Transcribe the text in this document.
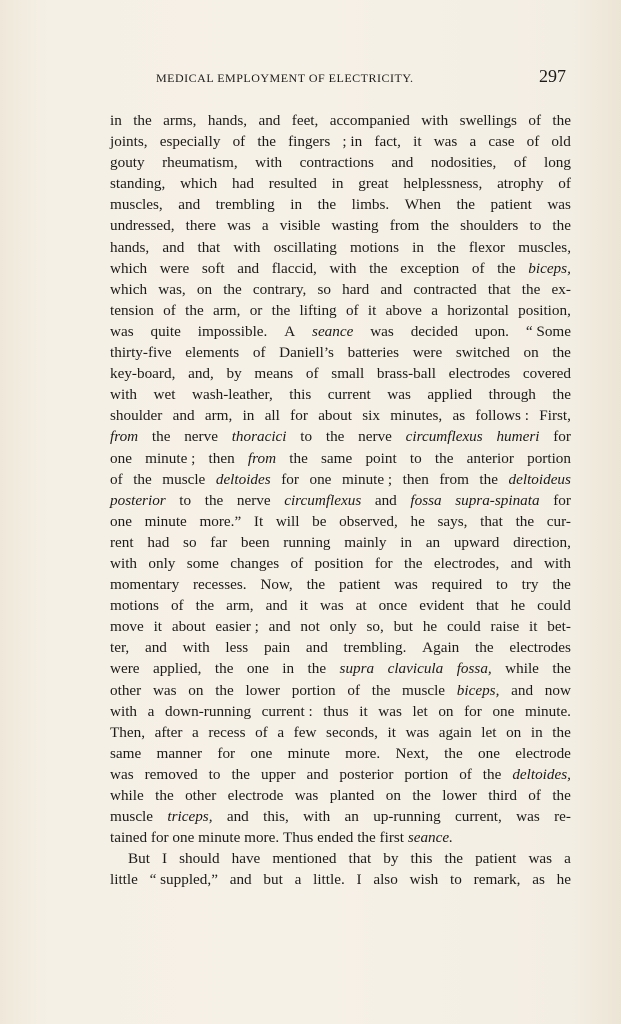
MEDICAL EMPLOYMENT OF ELECTRICITY.	297
in the arms, hands, and feet, accompanied with swellings of the
joints, especially of the fingers ; in fact, it was a case of old
gouty rheumatism, with contractions and nodosities, of long
standing, which had resulted in great helplessness, atrophy of
muscles, and trembling in the limbs. When the patient was
undressed, there was a visible wasting from the shoulders to the
hands, and that with oscillating motions in the flexor muscles,
which were soft and flaccid, with the exception of the biceps,
which was, on the contrary, so hard and contracted that the ex-
tension of the arm, or the lifting of it above a horizontal position,
was quite impossible. A seance was decided upon. “ Some
thirty-five elements of Daniell’s batteries were switched on the
key-board, and, by means of small brass-ball electrodes covered
with wet wash-leather, this current was applied through the
shoulder and arm, in all for about six minutes, as follows : First,
from the nerve thoracici to the nerve circumflexus humeri for
one minute ; then from the same point to the anterior portion
of the muscle deltoides for one minute ; then from the deltoideus
posterior to the nerve circumflexus and fossa supra-spinata for
one minute more.” It will be observed, he says, that the cur-
rent had so far been running mainly in an upward direction,
with only some changes of position for the electrodes, and with
momentary recesses. Now, the patient was required to try the
motions of the arm, and it was at once evident that he could
move it about easier ; and not only so, but he could raise it bet-
ter, and with less pain and trembling. Again the electrodes
were applied, the one in the supra clavicula fossa, while the
other was on the lower portion of the muscle biceps, and now
with a down-running current : thus it was let on for one minute.
Then, after a recess of a few seconds, it was again let on in the
same manner for one minute more. Next, the one electrode
was removed to the upper and posterior portion of the deltoides,
while the other electrode was planted on the lower third of the
muscle triceps, and this, with an up-running current, was re-
tained
for
one
minute
more.
Thus
ended
the
first
seance.
But I should have mentioned that by this the patient was a
little “ suppled,” and but a little. I also wish to remark, as he
